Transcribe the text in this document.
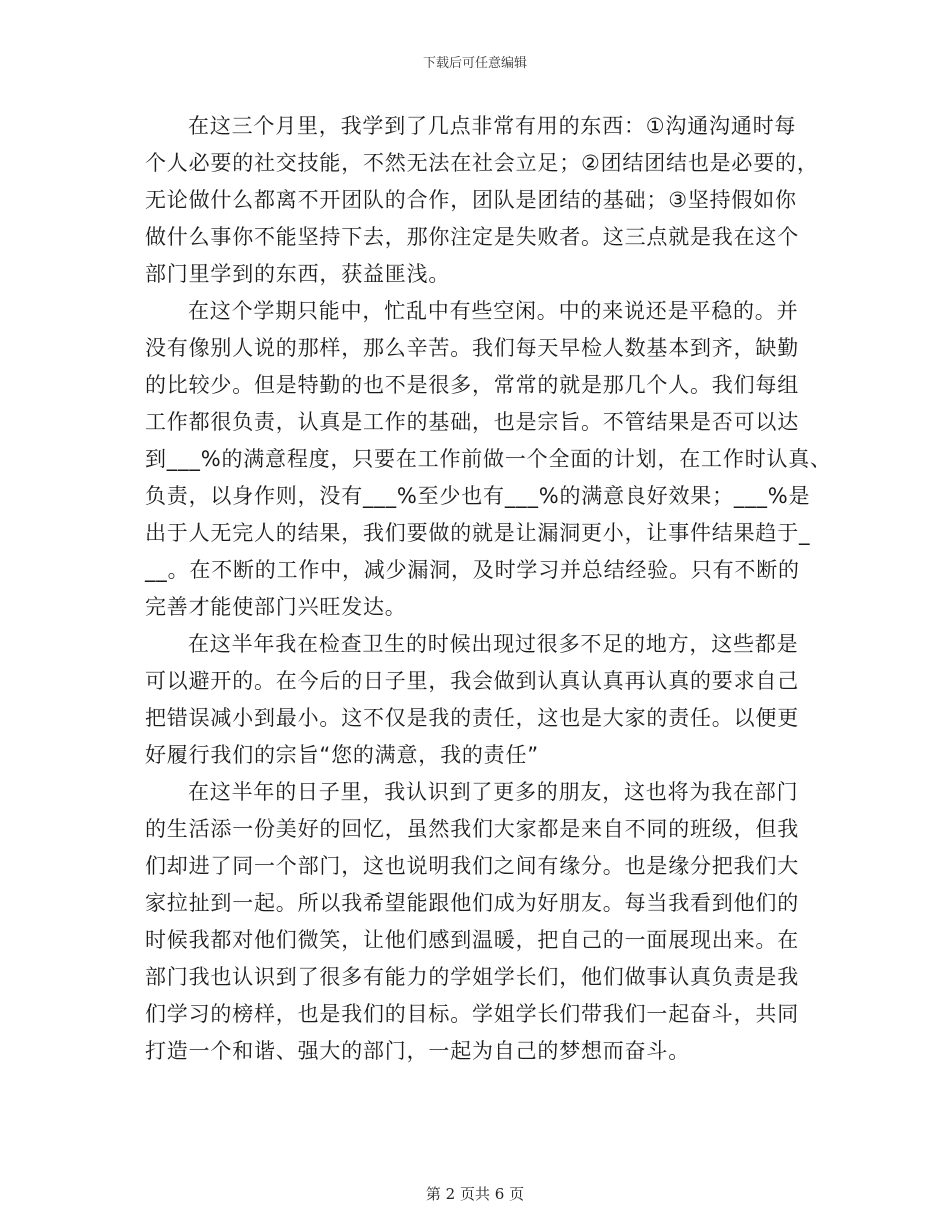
下载后可任意编辑
在这三个月里，我学到了几点非常有用的东西：①沟通沟通时每
个人必要的社交技能，不然无法在社会立足；②团结团结也是必要的，
无论做什么都离不开团队的合作，团队是团结的基础；③坚持假如你
做什么事你不能坚持下去，那你注定是失败者。这三点就是我在这个
部门里学到的东西，获益匪浅。
在这个学期只能中，忙乱中有些空闲。中的来说还是平稳的。并
没有像别人说的那样，那么辛苦。我们每天早检人数基本到齐，缺勤
的比较少。但是特勤的也不是很多，常常的就是那几个人。我们每组
工作都很负责，认真是工作的基础，也是宗旨。不管结果是否可以达
到___%的满意程度，只要在工作前做一个全面的计划，在工作时认真、
负责，以身作则，没有___%至少也有___%的满意良好效果；___%是
出于人无完人的结果，我们要做的就是让漏洞更小，让事件结果趋于_
__。在不断的工作中，减少漏洞，及时学习并总结经验。只有不断的
完善才能使部门兴旺发达。
在这半年我在检查卫生的时候出现过很多不足的地方，这些都是
可以避开的。在今后的日子里，我会做到认真认真再认真的要求自己
把错误减小到最小。这不仅是我的责任，这也是大家的责任。以便更
好履行我们的宗旨“您的满意，我的责任”
在这半年的日子里，我认识到了更多的朋友，这也将为我在部门
的生活添一份美好的回忆，虽然我们大家都是来自不同的班级，但我
们却进了同一个部门，这也说明我们之间有缘分。也是缘分把我们大
家拉扯到一起。所以我希望能跟他们成为好朋友。每当我看到他们的
时候我都对他们微笑，让他们感到温暖，把自己的一面展现出来。在
部门我也认识到了很多有能力的学姐学长们，他们做事认真负责是我
们学习的榜样，也是我们的目标。学姐学长们带我们一起奋斗，共同
打造一个和谐、强大的部门，一起为自己的梦想而奋斗。
第 2 页共 6 页
